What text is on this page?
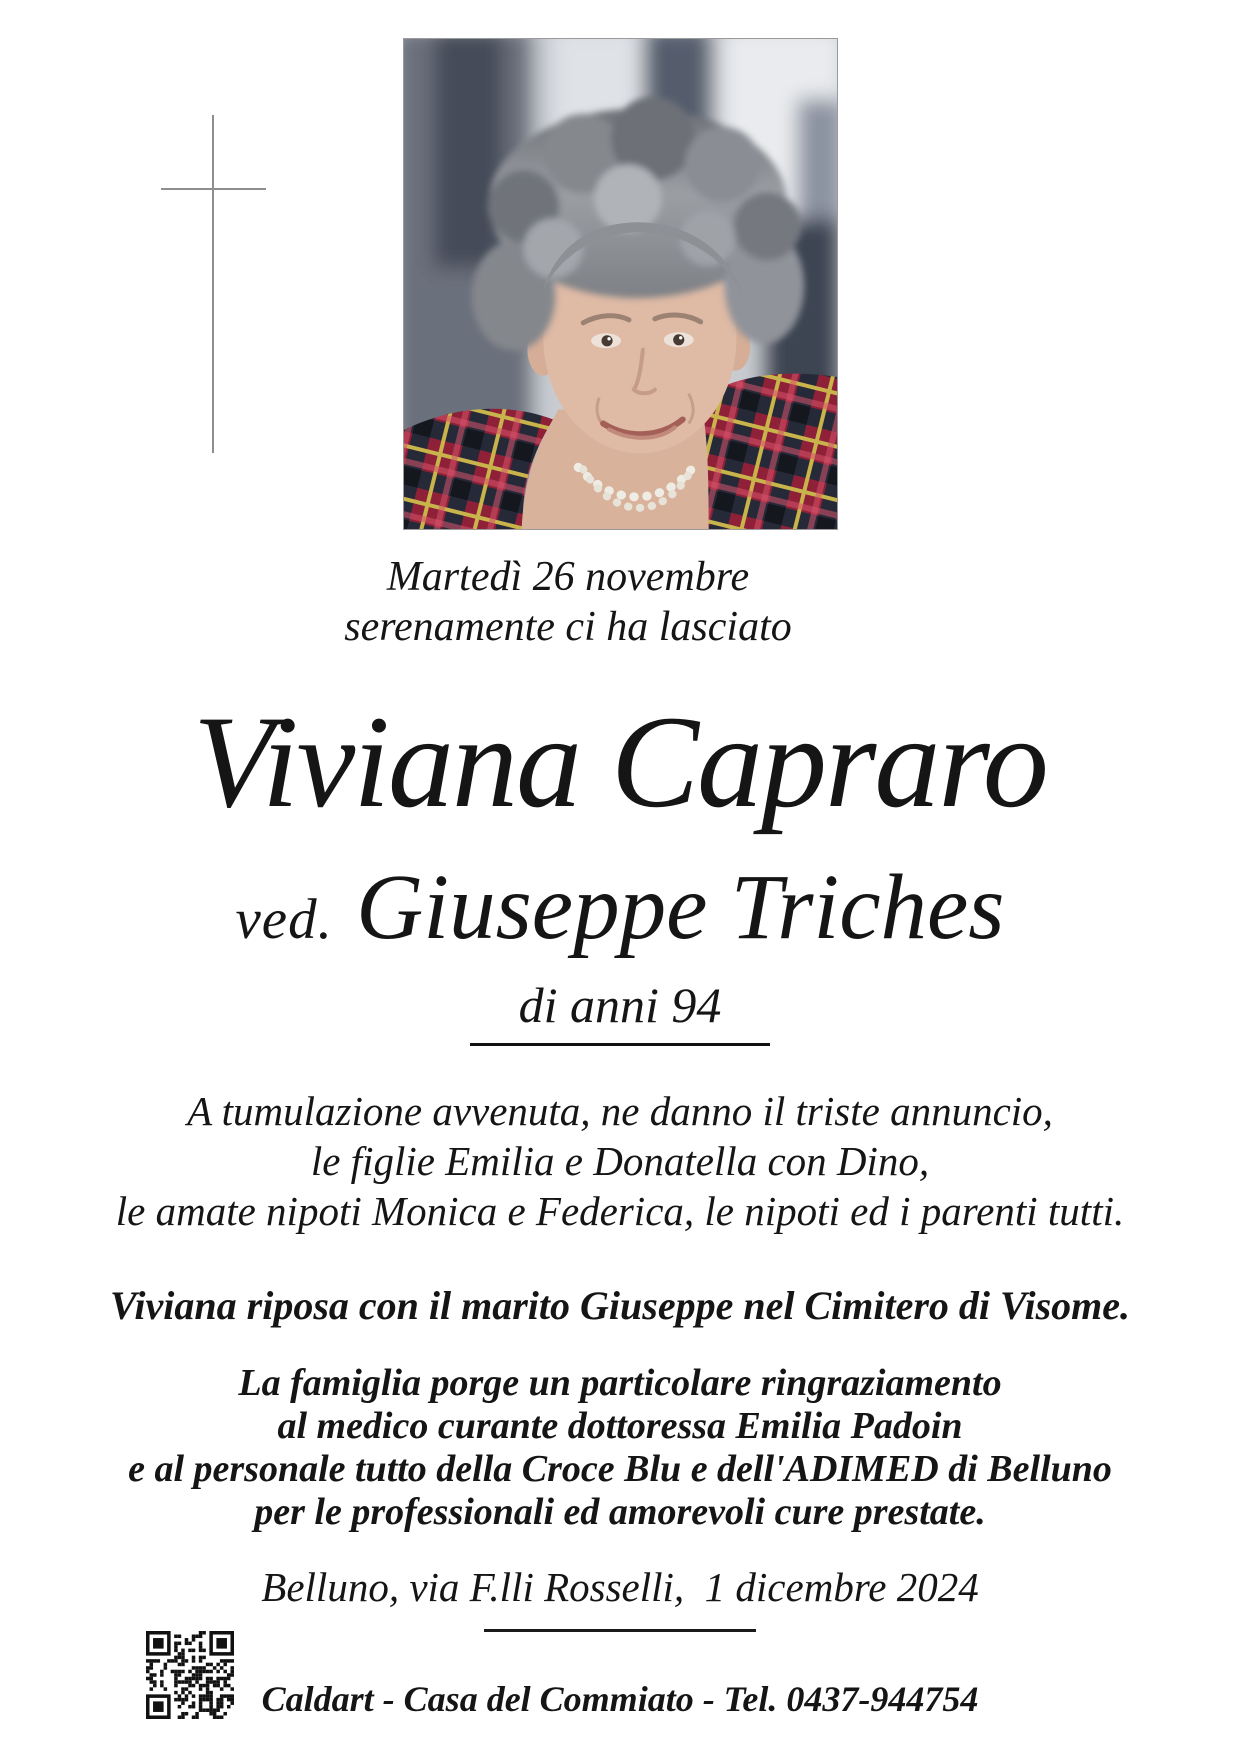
Martedì 26 novembre
serenamente ci ha lasciato
Viviana Capraro
ved. Giuseppe Triches
di anni 94
A tumulazione avvenuta, ne danno il triste annuncio,
le figlie Emilia e Donatella con Dino,
le amate nipoti Monica e Federica, le nipoti ed i parenti tutti.
Viviana riposa con il marito Giuseppe nel Cimitero di Visome.
La famiglia porge un particolare ringraziamento
al medico curante dottoressa Emilia Padoin
e al personale tutto della Croce Blu e dell'ADIMED di Belluno
per le professionali ed amorevoli cure prestate.
Belluno, via F.lli Rosselli,  1 dicembre 2024
Caldart - Casa del Commiato - Tel. 0437-944754
